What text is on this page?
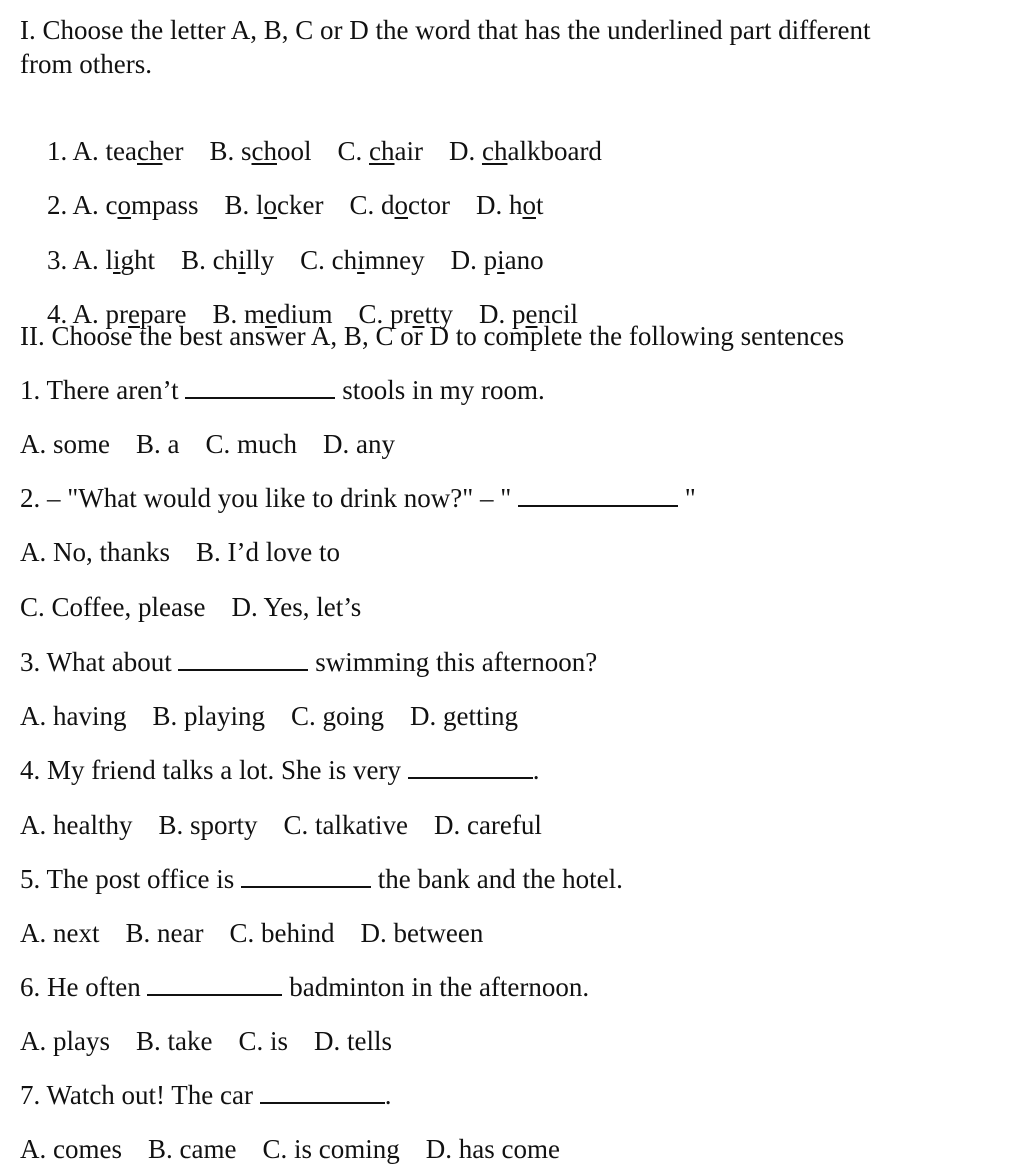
I. Choose the letter A, B, C or D the word that has the underlined part different
from others.

1. A. teacher B. school C. chair D. chalkboard

2. A. compass B. locker C. doctor D. hot

3. A. light B. chilly C. chimney D. piano

4. A. prepare B. medium C. pretty D. pencil

II. Choose the best answer A, B, C or D to complete the following sentences
1. There aren’t	stools in my room.
A. some B. a C. much D. any
2. – "What would you like to drink now?" – "	"
A. No, thanks B. I’d love to
C. Coffee, please D. Yes, let’s
3. What about	swimming this afternoon?
A. having B. playing C. going D. getting
4. My friend talks a lot. She is very	.
A. healthy B. sporty C. talkative D. careful
5. The post office is	the bank and the hotel.
A. next B. near C. behind D. between
6. He often	badminton in the afternoon.
A. plays B. take C. is D. tells
7. Watch out! The car	.
A. comes B. came C. is coming D. has come
